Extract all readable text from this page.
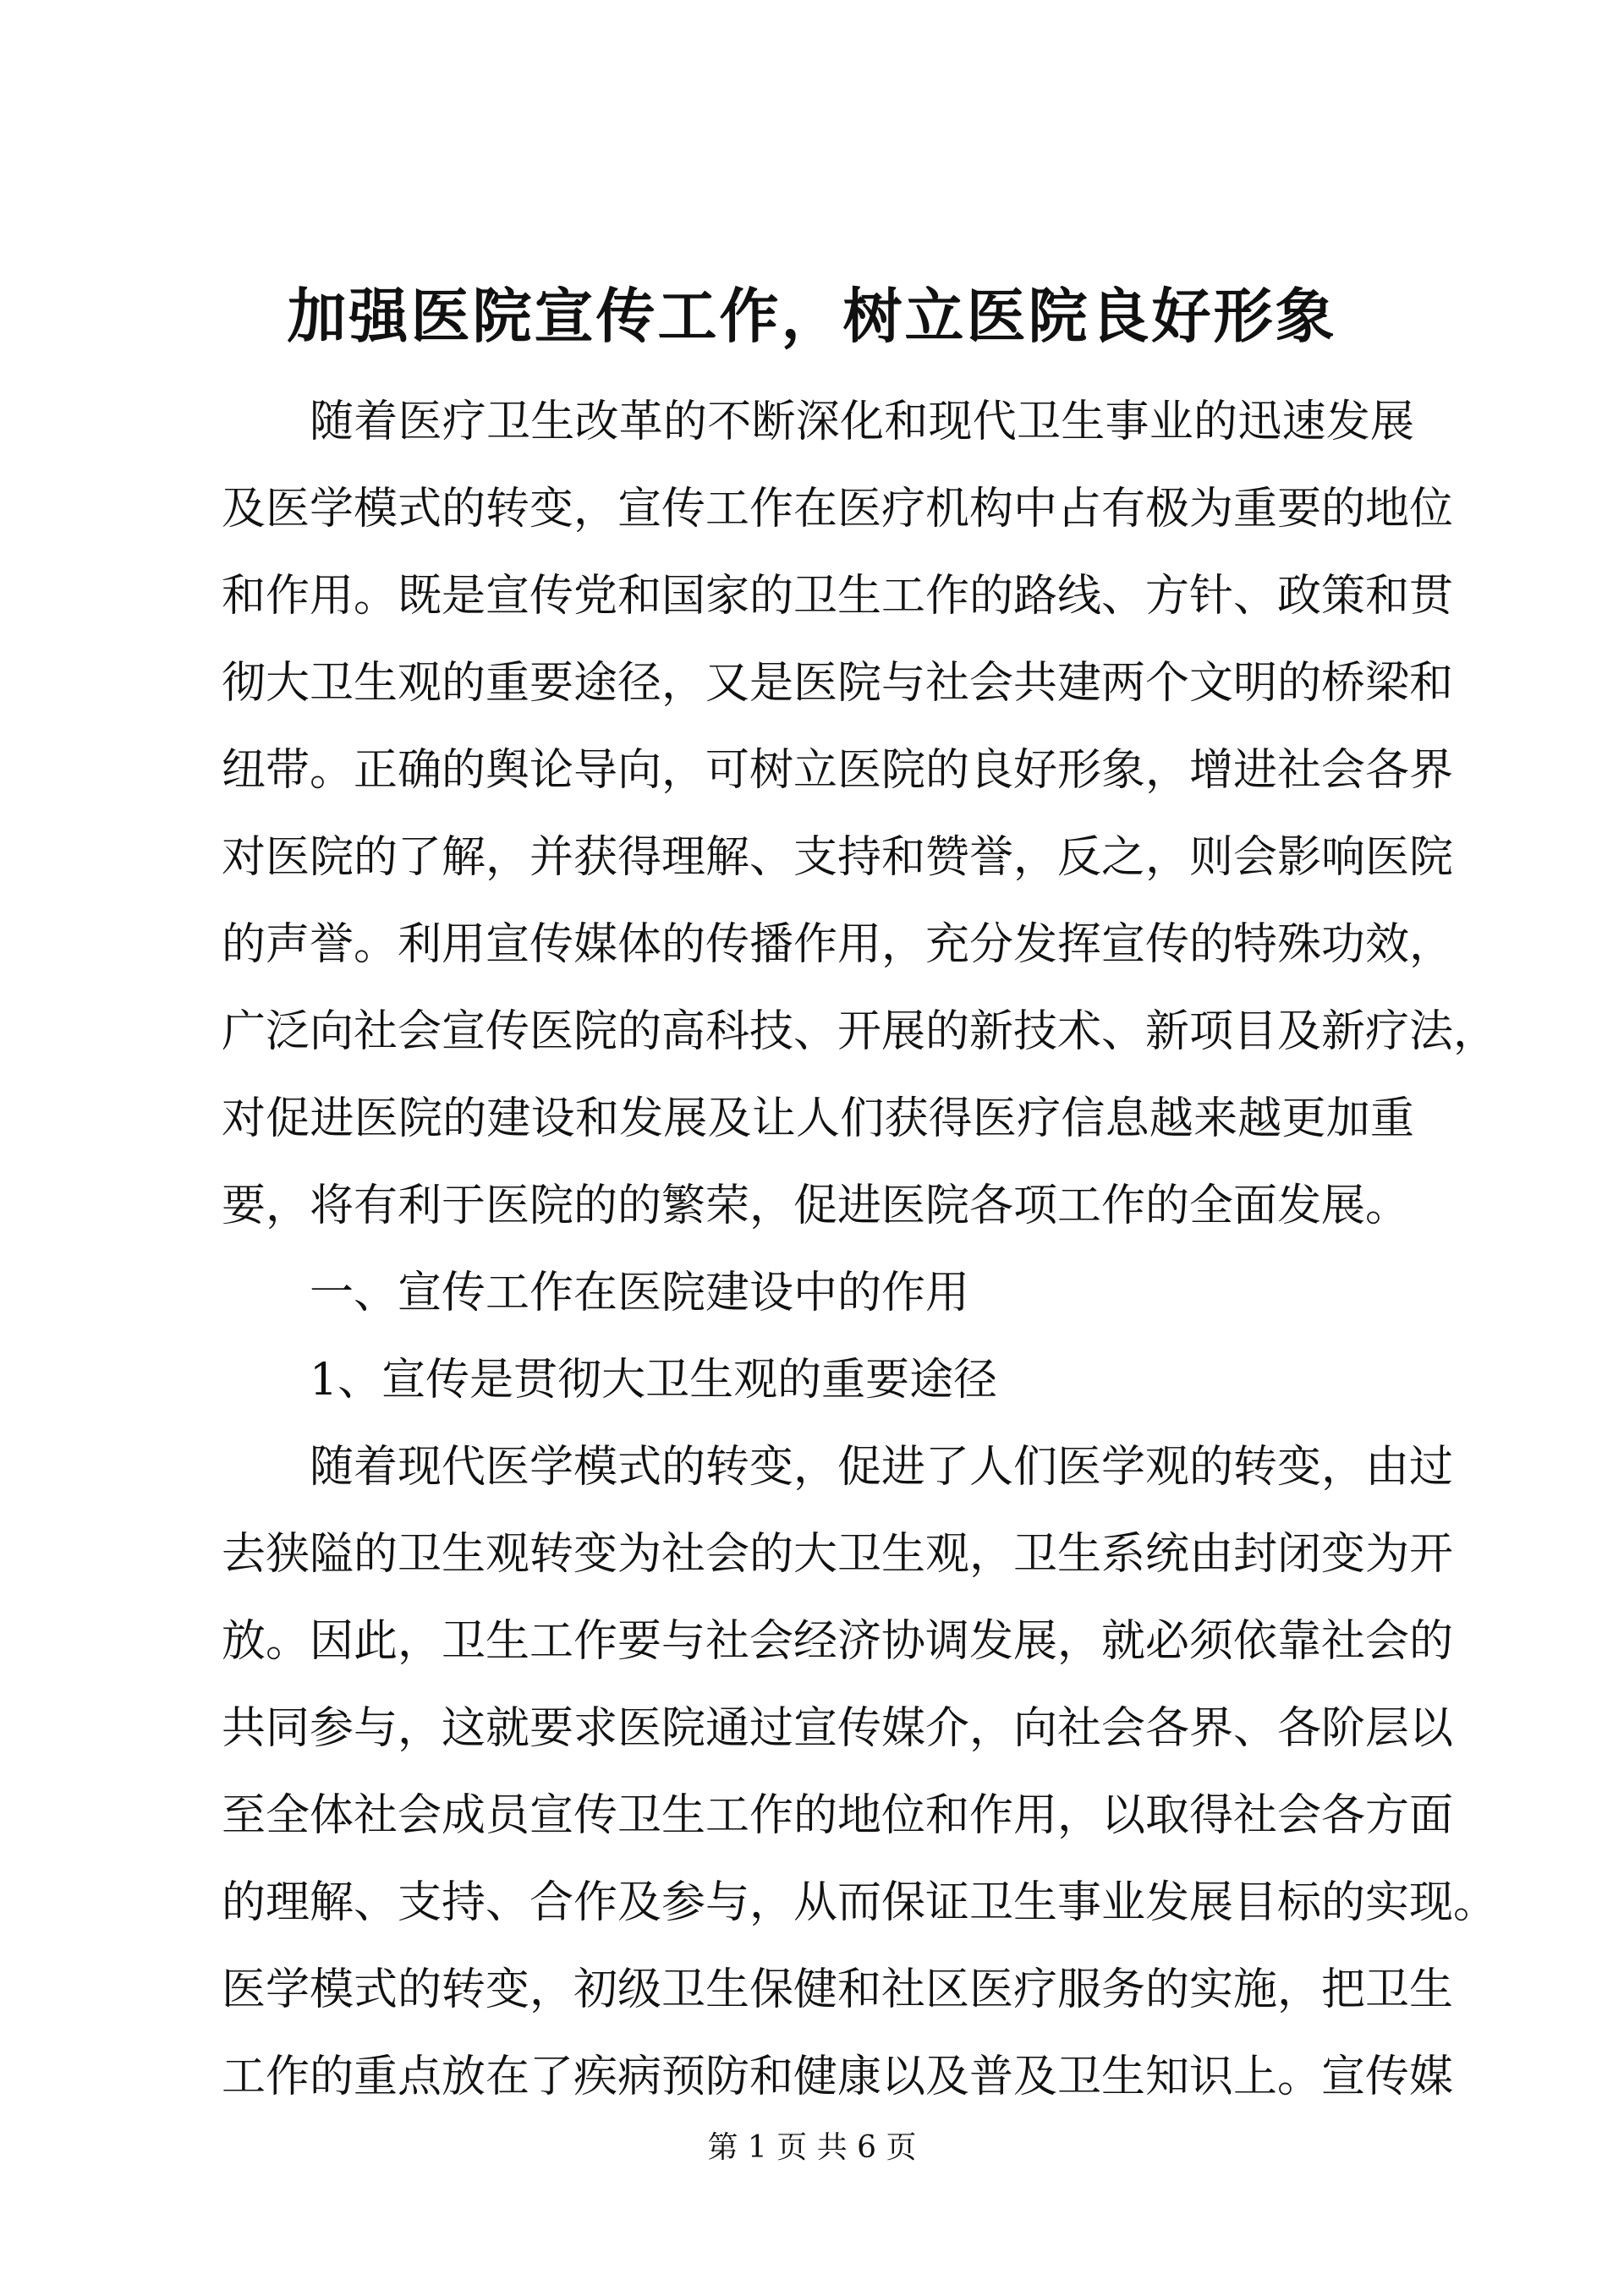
加强医院宣传工作，树立医院良好形象
随着医疗卫生改革的不断深化和现代卫生事业的迅速发展
及医学模式的转变，宣传工作在医疗机构中占有极为重要的地位
和作用。既是宣传党和国家的卫生工作的路线、方针、政策和贯
彻大卫生观的重要途径，又是医院与社会共建两个文明的桥梁和
纽带。正确的舆论导向，可树立医院的良好形象，增进社会各界
对医院的了解，并获得理解、支持和赞誉，反之，则会影响医院
的声誉。利用宣传媒体的传播作用，充分发挥宣传的特殊功效，
广泛向社会宣传医院的高科技、开展的新技术、新项目及新疗法，
对促进医院的建设和发展及让人们获得医疗信息越来越更加重
要，将有利于医院的的繁荣，促进医院各项工作的全面发展。
一、宣传工作在医院建设中的作用
1、宣传是贯彻大卫生观的重要途径
随着现代医学模式的转变，促进了人们医学观的转变，由过
去狭隘的卫生观转变为社会的大卫生观，卫生系统由封闭变为开
放。因此，卫生工作要与社会经济协调发展，就必须依靠社会的
共同参与，这就要求医院通过宣传媒介，向社会各界、各阶层以
至全体社会成员宣传卫生工作的地位和作用，以取得社会各方面
的理解、支持、合作及参与，从而保证卫生事业发展目标的实现。
医学模式的转变，初级卫生保健和社区医疗服务的实施，把卫生
工作的重点放在了疾病预防和健康以及普及卫生知识上。宣传媒
第 1 页 共 6 页
